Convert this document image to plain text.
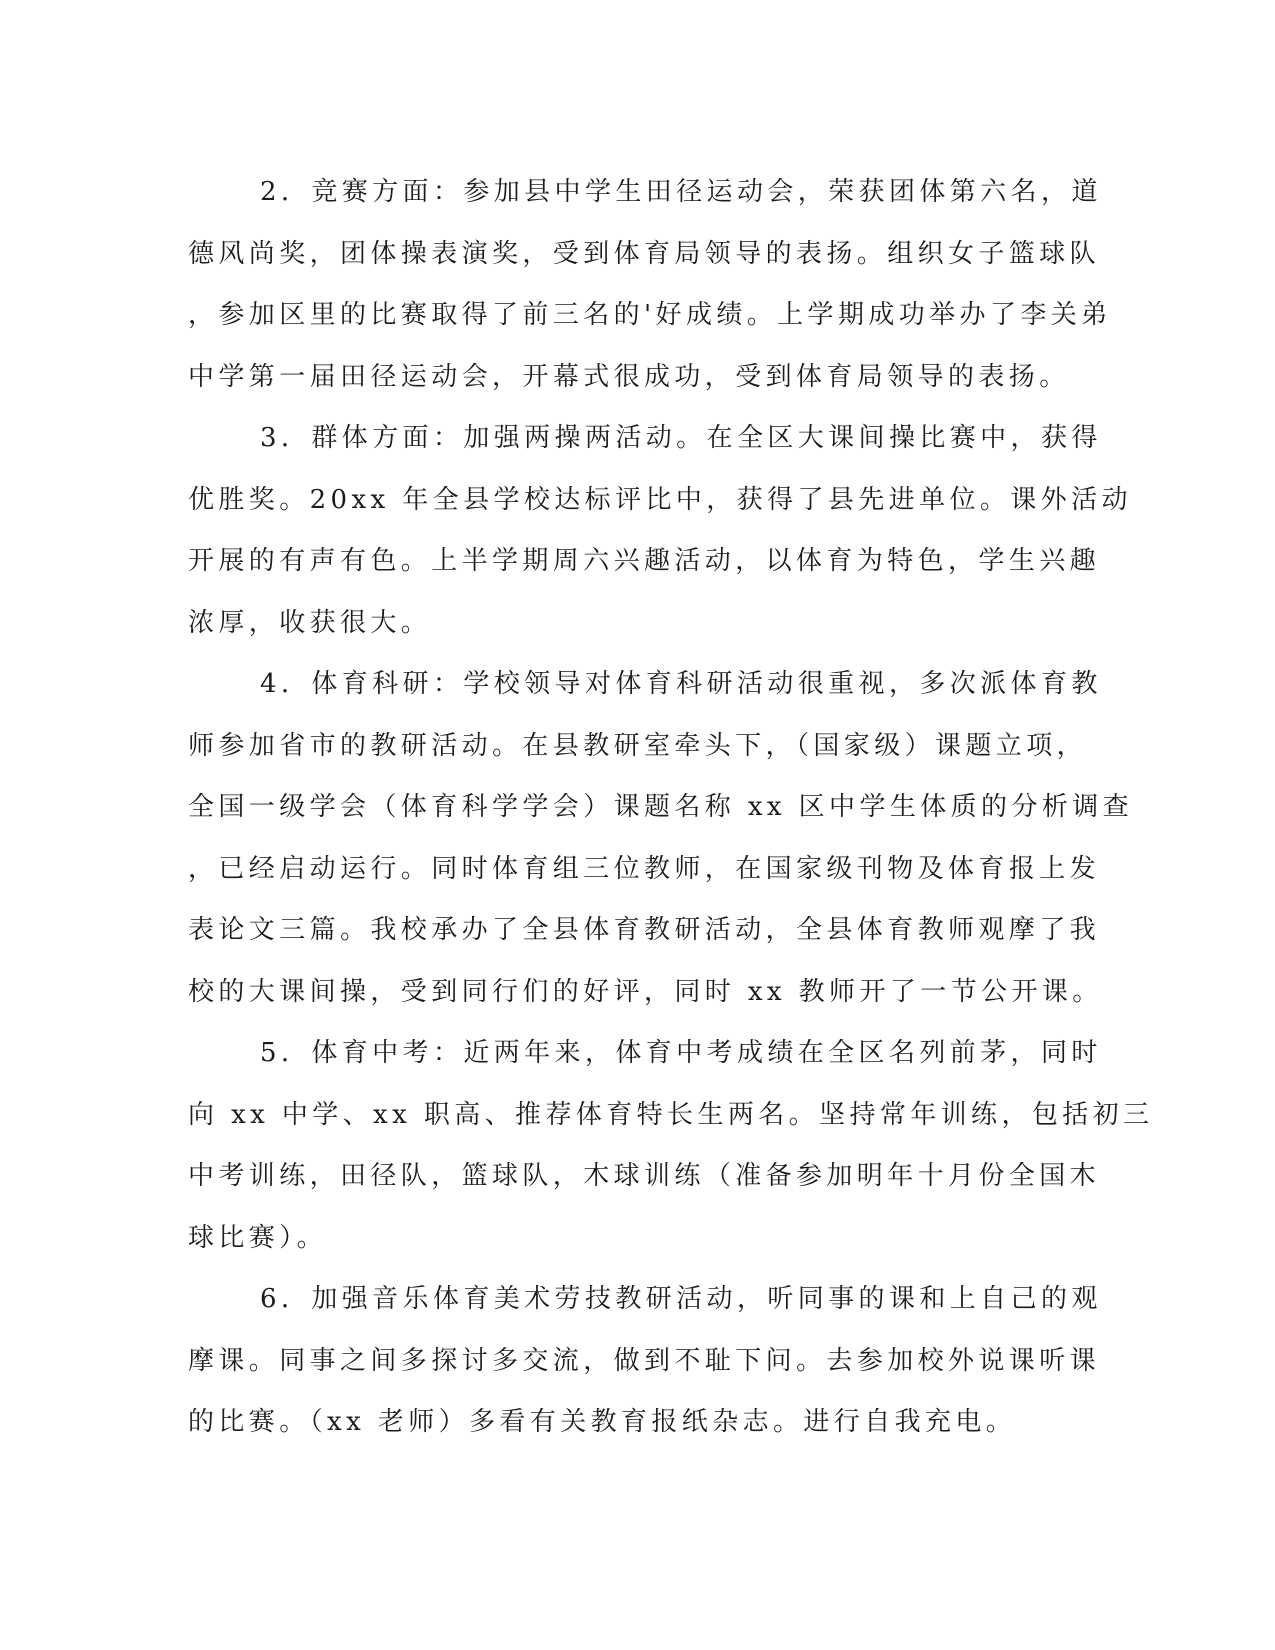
2．竞赛方面：参加县中学生田径运动会，荣获团体第六名，道
德风尚奖，团体操表演奖，受到体育局领导的表扬。组织女子篮球队
，参加区里的比赛取得了前三名的'好成绩。上学期成功举办了李关弟
中学第一届田径运动会，开幕式很成功，受到体育局领导的表扬。

3．群体方面：加强两操两活动。在全区大课间操比赛中，获得
优胜奖。20xx 年全县学校达标评比中，获得了县先进单位。课外活动
开展的有声有色。上半学期周六兴趣活动，以体育为特色，学生兴趣
浓厚，收获很大。

4．体育科研：学校领导对体育科研活动很重视，多次派体育教
师参加省市的教研活动。在县教研室牵头下，（国家级）课题立项，
全国一级学会（体育科学学会）课题名称 xx 区中学生体质的分析调查
，已经启动运行。同时体育组三位教师，在国家级刊物及体育报上发
表论文三篇。我校承办了全县体育教研活动，全县体育教师观摩了我
校的大课间操，受到同行们的好评，同时 xx 教师开了一节公开课。

5．体育中考：近两年来，体育中考成绩在全区名列前茅，同时
向 xx 中学、xx 职高、推荐体育特长生两名。坚持常年训练，包括初三
中考训练，田径队，篮球队，木球训练（准备参加明年十月份全国木
球比赛）。

6．加强音乐体育美术劳技教研活动，听同事的课和上自己的观
摩课。同事之间多探讨多交流，做到不耻下问。去参加校外说课听课
的比赛。（xx 老师）多看有关教育报纸杂志。进行自我充电。
